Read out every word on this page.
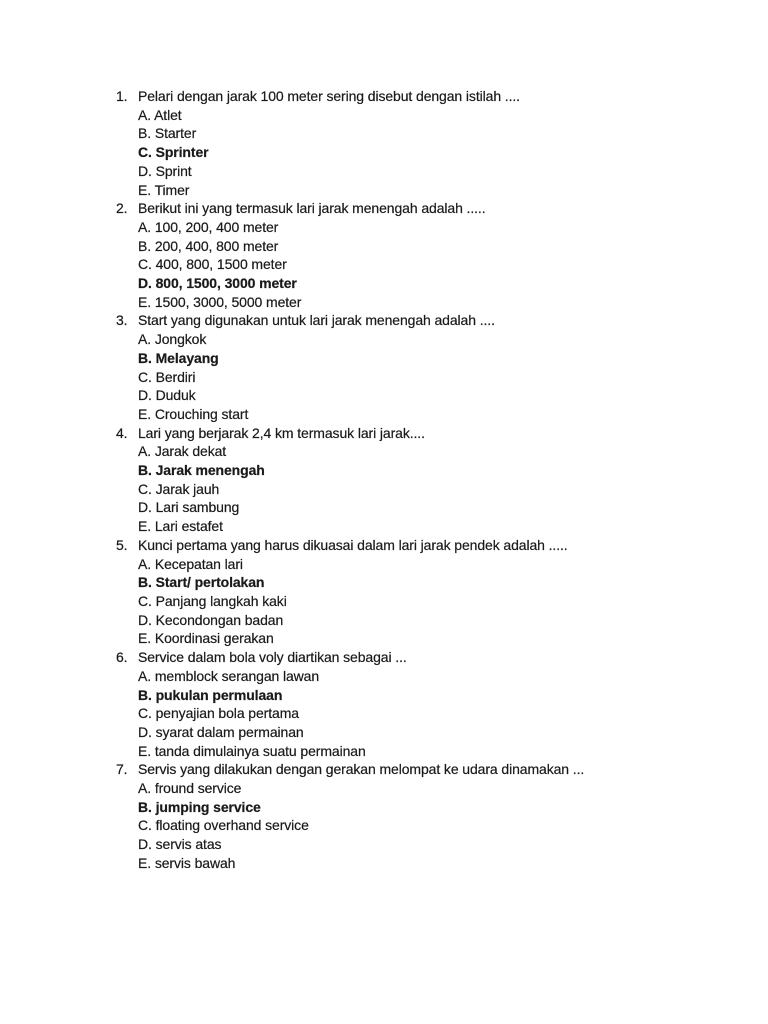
1. Pelari dengan jarak 100 meter sering disebut dengan istilah ....
A. Atlet
B. Starter
C. Sprinter
D. Sprint
E. Timer
2. Berikut ini yang termasuk lari jarak menengah adalah .....
A. 100, 200, 400 meter
B. 200, 400, 800 meter
C. 400, 800, 1500 meter
D. 800, 1500, 3000 meter
E. 1500, 3000, 5000 meter
3. Start yang digunakan untuk lari jarak menengah adalah ....
A. Jongkok
B. Melayang
C. Berdiri
D. Duduk
E. Crouching start
4. Lari yang berjarak 2,4 km termasuk lari jarak....
A. Jarak dekat
B. Jarak menengah
C. Jarak jauh
D. Lari sambung
E. Lari estafet
5. Kunci pertama yang harus dikuasai dalam lari jarak pendek adalah .....
A. Kecepatan lari
B. Start/ pertolakan
C. Panjang langkah kaki
D. Kecondongan badan
E. Koordinasi gerakan
6. Service dalam bola voly diartikan sebagai ...
A. memblock serangan lawan
B. pukulan permulaan
C. penyajian bola pertama
D. syarat dalam permainan
E. tanda dimulainya suatu permainan
7. Servis yang dilakukan dengan gerakan melompat ke udara dinamakan ...
A. fround service
B. jumping service
C. floating overhand service
D. servis atas
E. servis bawah
